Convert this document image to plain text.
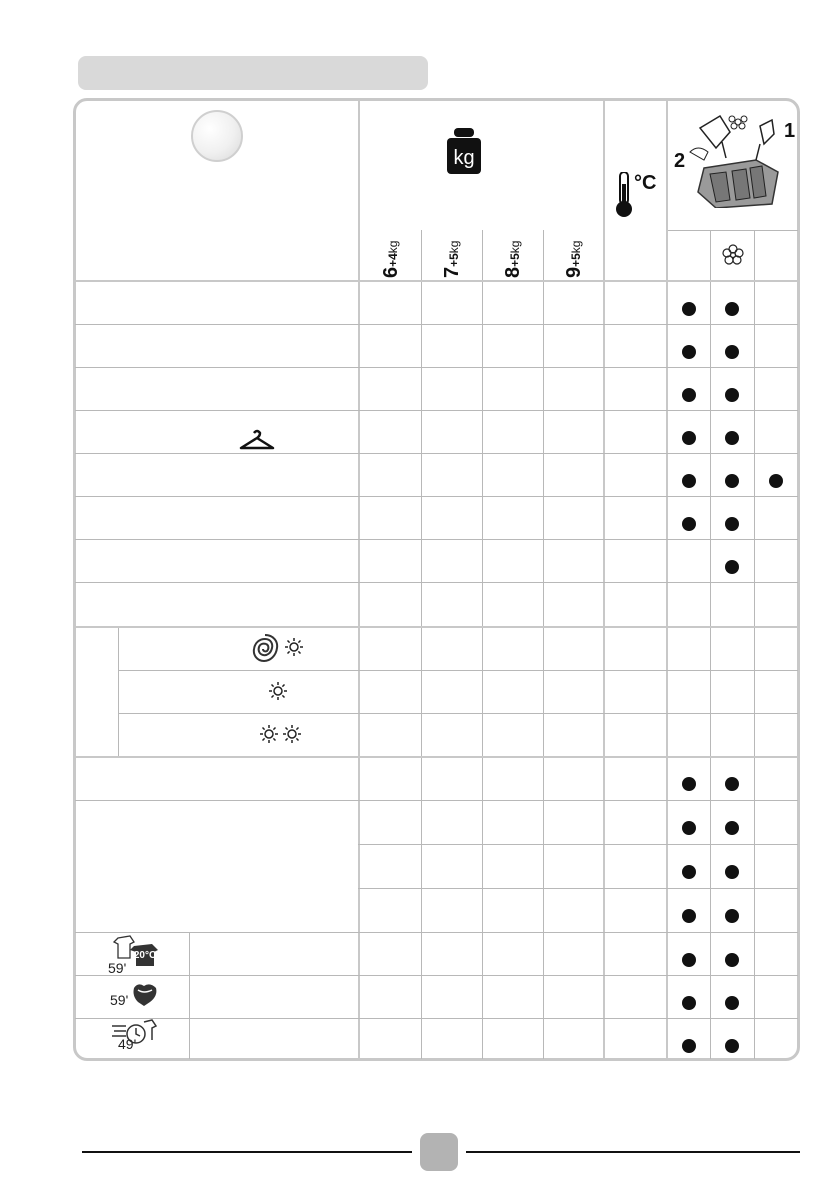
kg
6+4kg
7+5kg
8+5kg
9+5kg
°C
2
1
20°C
59'
59'
49'
